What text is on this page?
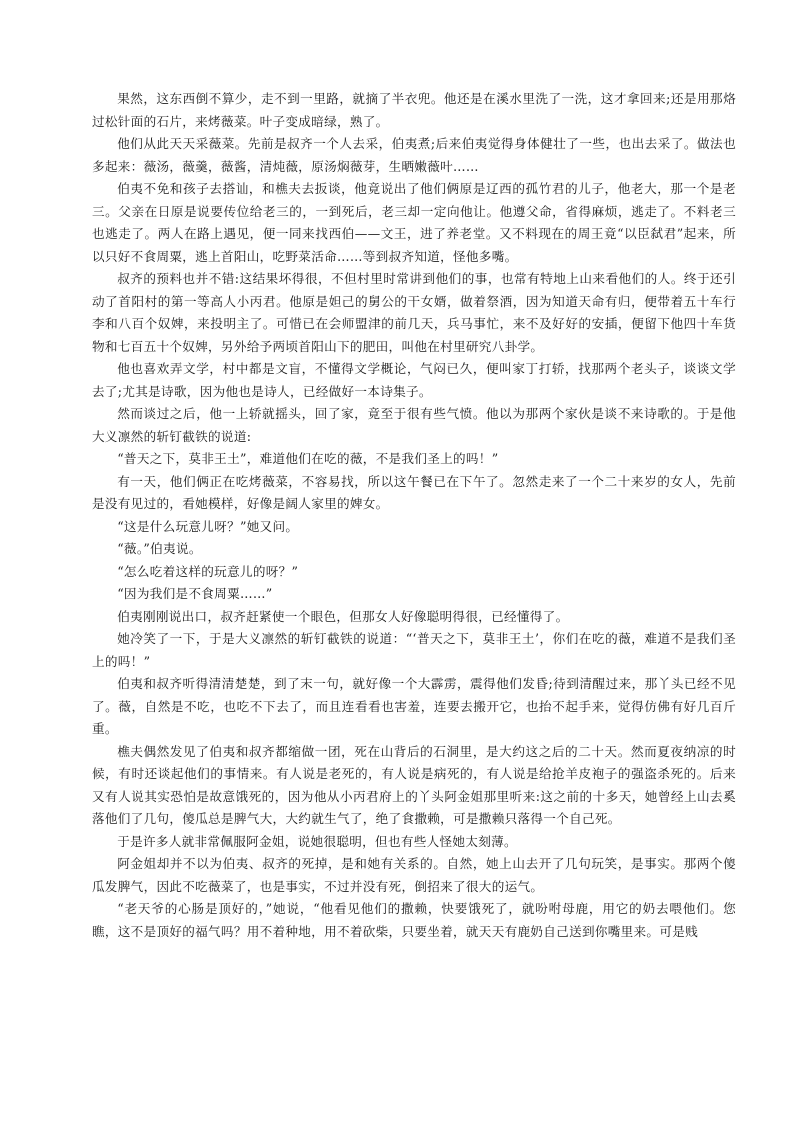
果然，这东西倒不算少，走不到一里路，就摘了半衣兜。他还是在溪水里洗了一洗，这才拿回来;还是用那烙过松针面的石片，来烤薇菜。叶子变成暗绿，熟了。

他们从此天天采薇菜。先前是叔齐一个人去采，伯夷煮;后来伯夷觉得身体健壮了一些，也出去采了。做法也多起来：薇汤，薇羹，薇酱，清炖薇，原汤焖薇芽，生晒嫩薇叶……

伯夷不免和孩子去搭讪，和樵夫去扳谈，他竟说出了他们俩原是辽西的孤竹君的儿子，他老大，那一个是老三。父亲在日原是说要传位给老三的，一到死后，老三却一定向他让。他遵父命，省得麻烦，逃走了。不料老三也逃走了。两人在路上遇见，便一同来找西伯——文王，进了养老堂。又不料现在的周王竟“以臣弑君”起来，所以只好不食周粟，逃上首阳山，吃野菜活命……等到叔齐知道，怪他多嘴。

叔齐的预料也并不错:这结果坏得很，不但村里时常讲到他们的事，也常有特地上山来看他们的人。终于还引动了首阳村的第一等高人小丙君。他原是妲己的舅公的干女婿，做着祭酒，因为知道天命有归，便带着五十车行李和八百个奴婢，来投明主了。可惜已在会师盟津的前几天，兵马事忙，来不及好好的安插，便留下他四十车货物和七百五十个奴婢，另外给予两顷首阳山下的肥田，叫他在村里研究八卦学。

他也喜欢弄文学，村中都是文盲，不懂得文学概论，气闷已久，便叫家丁打轿，找那两个老头子，谈谈文学去了;尤其是诗歌，因为他也是诗人，已经做好一本诗集子。

然而谈过之后，他一上轿就摇头，回了家，竟至于很有些气愤。他以为那两个家伙是谈不来诗歌的。于是他大义凛然的斩钉截铁的说道:

“普天之下，莫非王土”，难道他们在吃的薇，不是我们圣上的吗！”

有一天，他们俩正在吃烤薇菜，不容易找，所以这午餐已在下午了。忽然走来了一个二十来岁的女人，先前是没有见过的，看她模样，好像是阔人家里的婢女。

“这是什么玩意儿呀？”她又问。

“薇。”伯夷说。

“怎么吃着这样的玩意儿的呀？”

“因为我们是不食周粟……”

伯夷刚刚说出口，叔齐赶紧使一个眼色，但那女人好像聪明得很，已经懂得了。

她冷笑了一下，于是大义凛然的斩钉截铁的说道：“‘普天之下，莫非王土’，你们在吃的薇，难道不是我们圣上的吗！”

伯夷和叔齐听得清清楚楚，到了末一句，就好像一个大霹雳，震得他们发昏;待到清醒过来，那丫头已经不见了。薇，自然是不吃，也吃不下去了，而且连看看也害羞，连要去搬开它，也抬不起手来，觉得仿佛有好几百斤重。

樵夫偶然发见了伯夷和叔齐都缩做一团，死在山背后的石洞里，是大约这之后的二十天。然而夏夜纳凉的时候，有时还谈起他们的事情来。有人说是老死的，有人说是病死的，有人说是给抢羊皮袍子的强盗杀死的。后来又有人说其实恐怕是故意饿死的，因为他从小丙君府上的丫头阿金姐那里听来:这之前的十多天，她曾经上山去奚落他们了几句，傻瓜总是脾气大，大约就生气了，绝了食撒赖，可是撒赖只落得一个自己死。

于是许多人就非常佩服阿金姐，说她很聪明，但也有些人怪她太刻薄。

阿金姐却并不以为伯夷、叔齐的死掉，是和她有关系的。自然，她上山去开了几句玩笑，是事实。那两个傻瓜发脾气，因此不吃薇菜了，也是事实，不过并没有死，倒招来了很大的运气。

“老天爷的心肠是顶好的，”她说，“他看见他们的撒赖，快要饿死了，就吩咐母鹿，用它的奶去喂他们。您瞧，这不是顶好的福气吗？用不着种地，用不着砍柴，只要坐着，就天天有鹿奶自己送到你嘴里来。可是贱
